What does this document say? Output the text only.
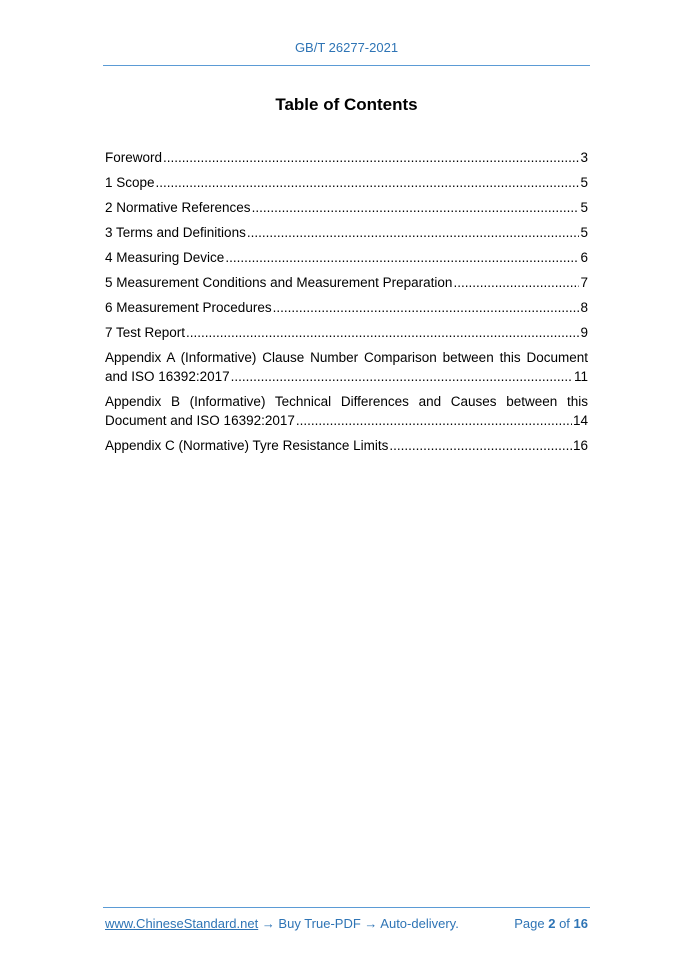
GB/T 26277-2021
Table of Contents
Foreword .....	3
1 Scope .....	5
2 Normative References .....	5
3 Terms and Definitions .....	5
4 Measuring Device .....	6
5 Measurement Conditions and Measurement Preparation .....	7
6 Measurement Procedures .....	8
7 Test Report .....	9
Appendix A (Informative) Clause Number Comparison between this Document
and ISO 16392:2017 .....	11
Appendix B (Informative) Technical Differences and Causes between this
Document and ISO 16392:2017 .....	14
Appendix C (Normative) Tyre Resistance Limits .....	16
www.ChineseStandard.net → Buy True-PDF → Auto-delivery.	Page 2 of 16
